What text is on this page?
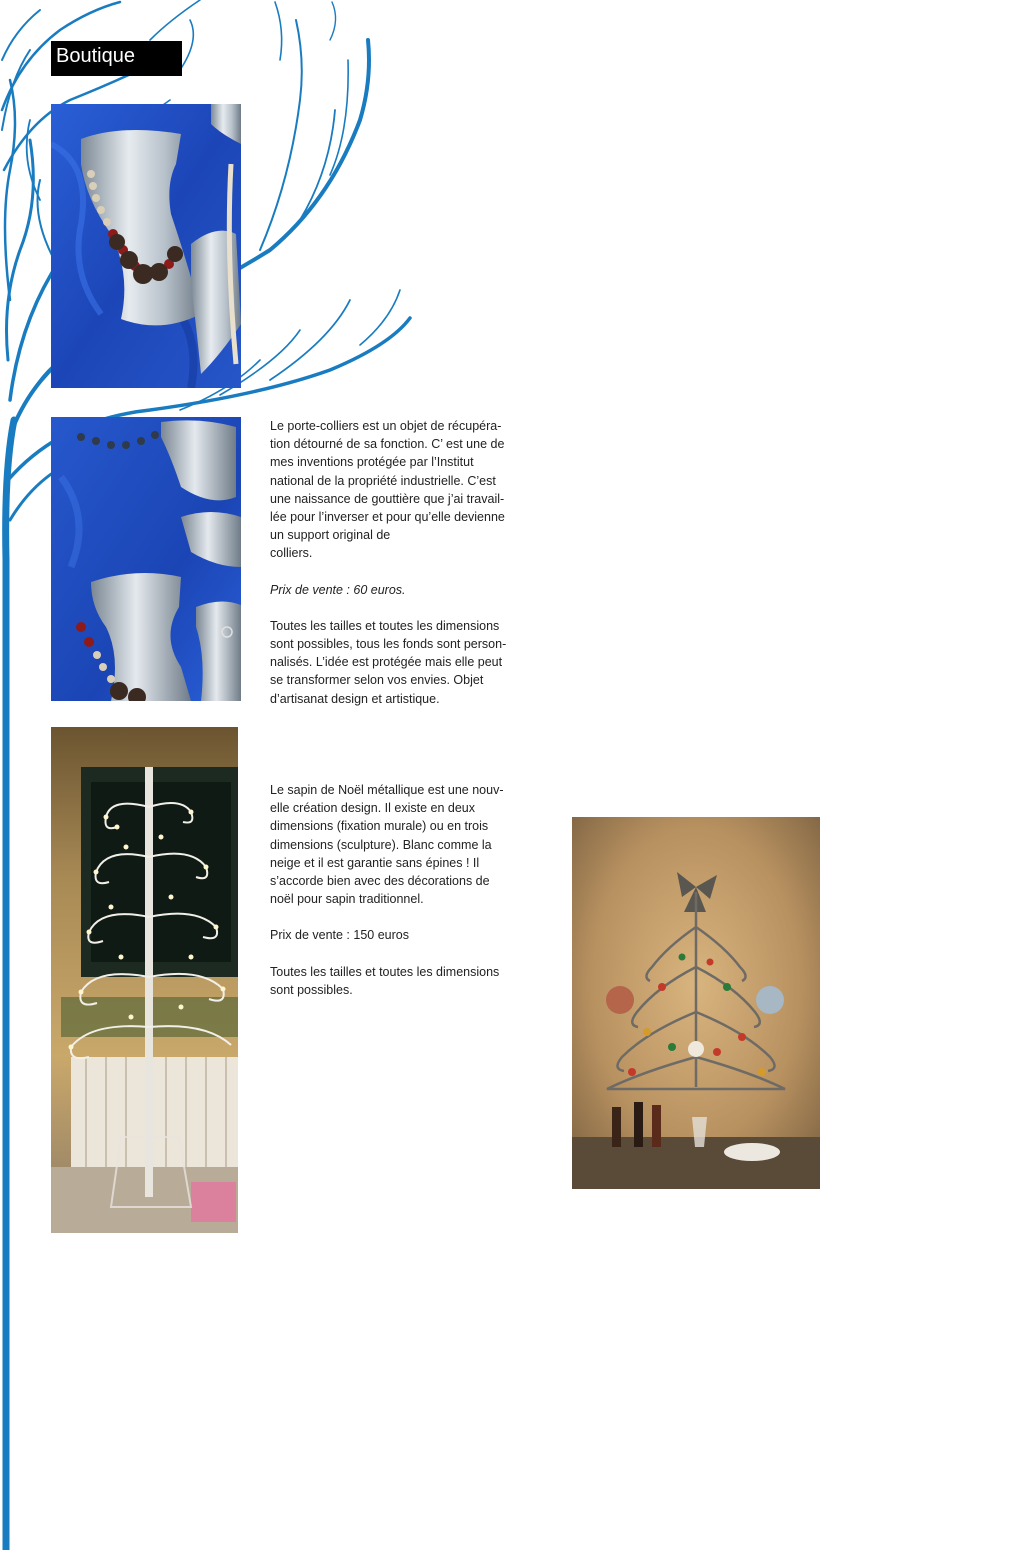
Boutique

Le porte-colliers est un objet de récupéra-

tion détourné de sa fonction. C’ est une de

mes inventions protégée par l’Institut

national de la propriété industrielle. C’est

une naissance de gouttière que j’ai travail-

lée pour l’inverser et pour qu’elle devienne

un support original de

colliers.

Prix de vente : 60 euros.

Toutes les tailles et toutes les dimensions

sont possibles, tous les fonds sont person-

nalisés. L’idée est protégée mais elle peut

se transformer selon vos envies. Objet

d’artisanat design et artistique.

Le sapin de Noël métallique est une nouv-

elle création design. Il existe en deux

dimensions (fixation murale) ou en trois

dimensions (sculpture). Blanc comme la

neige et il est garantie sans épines ! Il

s’accorde bien avec des décorations de

noël pour sapin traditionnel.

Prix de vente : 150 euros

Toutes les tailles et toutes les dimensions

sont possibles.
